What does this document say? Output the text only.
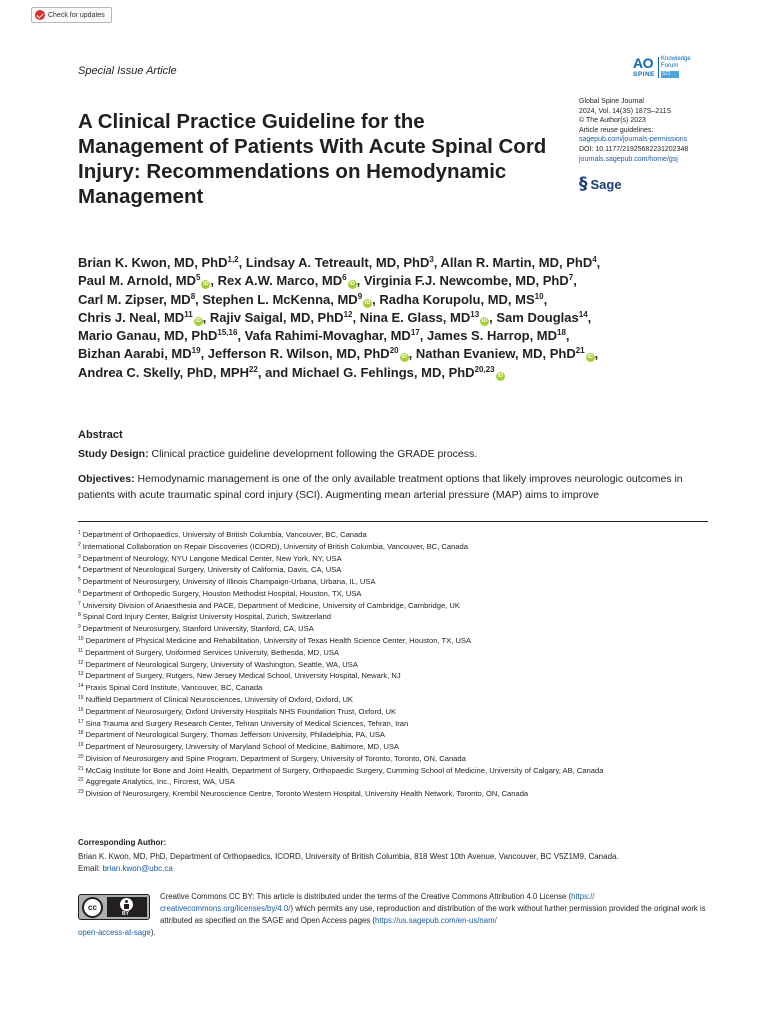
Check for updates
Special Issue Article	AO
SPINE
Knowledge
Forum
SCI
A Clinical Practice Guideline for the Management of Patients With Acute Spinal Cord Injury: Recommendations on Hemodynamic Management
Global Spine Journal
2024, Vol. 14(3S) 187S–211S
© The Author(s) 2023
Article reuse guidelines:
sagepub.com/journals-permissions
DOI: 10.1177/21925682231202348
journals.sagepub.com/home/gsj
§ Sage
Brian K. Kwon, MD, PhD$^{1,2}$, Lindsay A. Tetreault, MD, PhD$^3$, Allan R. Martin, MD, PhD$^4$,
Paul M. Arnold, $MD^5iD$ , Rex A.W. Marco, $MD^6iD$ , Virginia F.J. Newcombe, MD, PhD$^7$,
Carl M. Zipser, $MD^8$, Stephen L. McKenna, $MD^9iD$ , Radha Korupolu, MD, MS$^{10}$,
Chris J. Neal, MD$^{11}$iD , Rajiv Saigal, MD, PhD$^{12}$, Nina E. Glass, MD$^{13}$iD , Sam Douglas$^{14}$,
Mario Ganau, MD, PhD$^{15,16}$, Vafa Rahimi-Movaghar, MD$^{17}$, James S. Harrop, MD$^{18}$,
Bizhan Aarabi, MD$^{19}$, Jefferson R. Wilson, MD, PhD$^{20}$iD , Nathan Evaniew, MD, PhD$^{21}$iD ,
Andrea C. Skelly, PhD, MPH$^{22}$, and Michael G. Fehlings, MD, PhD$^{20,23}$iD
Abstract

Study Design: Clinical practice guideline development following the GRADE process.

Objectives: Hemodynamic management is one of the only available treatment options that likely improves neurologic outcomes in patients with acute traumatic spinal cord injury (SCI). Augmenting mean arterial pressure (MAP) aims to improve

$^1$ Department of Orthopaedics, University of British Columbia, Vancouver, BC, Canada
$^2$ International Collaboration on Repair Discoveries (ICORD), University of British Columbia, Vancouver, BC, Canada
$^3$ Department of Neurology, NYU Langone Medical Center, New York, NY, USA
$^4$ Department of Neurological Surgery, University of California, Davis, CA, USA
$^5$ Department of Neurosurgery, University of Illinois Champaign-Urbana, Urbana, IL, USA
$^6$ Department of Orthopedic Surgery, Houston Methodist Hospital, Houston, TX, USA
$^7$ University Division of Anaesthesia and PACE, Department of Medicine, University of Cambridge, Cambridge, UK
$^8$ Spinal Cord Injury Center, Balgrist University Hospital, Zurich, Switzerland
$^9$ Department of Neurosurgery, Stanford University, Stanford, CA, USA
$^{10}$ Department of Physical Medicine and Rehabilitation, University of Texas Health Science Center, Houston, TX, USA
$^{11}$ Department of Surgery, Uniformed Services University, Bethesda, MD, USA
$^{12}$ Department of Neurological Surgery, University of Washington, Seattle, WA, USA
$^{13}$ Department of Surgery, Rutgers, New Jersey Medical School, University Hospital, Newark, NJ
$^{14}$ Praxis Spinal Cord Institute, Vancouver, BC, Canada
$^{15}$ Nuffield Department of Clinical Neurosciences, University of Oxford, Oxford, UK
$^{16}$ Department of Neurosurgery, Oxford University Hospitals NHS Foundation Trust, Oxford, UK
$^{17}$ Sina Trauma and Surgery Research Center, Tehran University of Medical Sciences, Tehran, Iran
$^{18}$ Department of Neurological Surgery, Thomas Jefferson University, Philadelphia, PA, USA
$^{19}$ Department of Neurosurgery, University of Maryland School of Medicine, Baltimore, MD, USA
$^{20}$ Division of Neurosurgery and Spine Program, Department of Surgery, University of Toronto, Toronto, ON, Canada
$^{21}$ McCaig Institute for Bone and Joint Health, Department of Surgery, Orthopaedic Surgery, Cumming School of Medicine, University of Calgary, AB, Canada
$^{22}$ Aggregate Analytics, Inc., Fircrest, WA, USA
$^{23}$ Division of Neurosurgery, Krembil Neuroscience Centre, Toronto Western Hospital, University Health Network, Toronto, ON, Canada
Corresponding Author:
Brian K. Kwon, MD, PhD, Department of Orthopaedics, ICORD, University of British Columbia, 818 West 10th Avenue, Vancouver, BC V5Z1M9, Canada.
Email: brian.kwon@ubc.ca
cc
BY
Creative Commons CC BY: This article is distributed under the terms of the Creative Commons Attribution 4.0 License (https://
creativecommons.org/licenses/by/4.0/) which permits any use, reproduction and distribution of the work without further permission provided the original work is attributed as specified on the SAGE and Open Access pages (https://us.sagepub.com/en-us/nam/
open-access-at-sage).
